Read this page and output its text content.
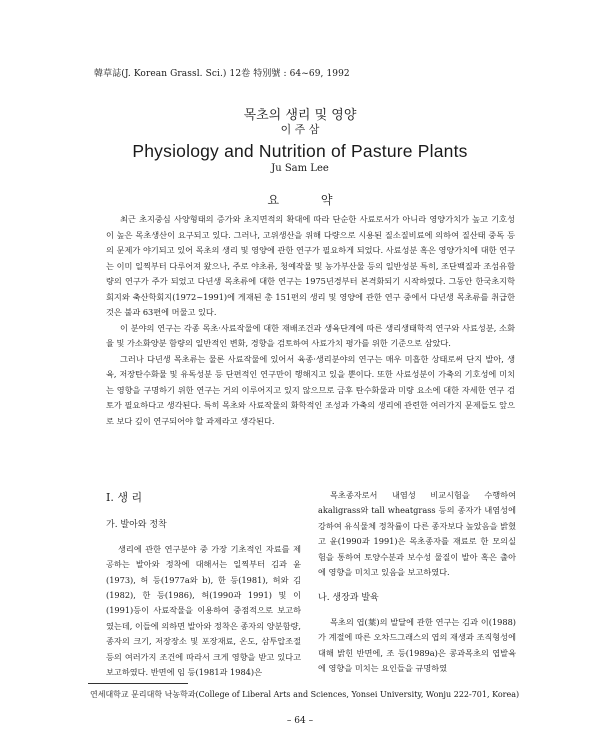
韓草誌(J. Korean Grassl. Sci.) 12卷 特別號 : 64~69, 1992
목초의 생리 및 영양
이 주 삼
Physiology and Nutrition of Pasture Plants
Ju Sam Lee
요 약

최근 초지중심 사양형태의 증가와 초지면적의 확대에 따라 단순한 사료로서가 아니라 영양가치가 높고 기호성이 높은 목초생산이 요구되고 있다. 그러나, 고위생산을 위해 다량으로 시용된 질소질비료에 의하여 질산태 중독 등의 문제가 야기되고 있어 목초의 생리 및 영양에 관한 연구가 필요하게 되었다. 사료성분 혹은 영양가치에 대한 연구는 이미 일찍부터 다루어져 왔으나, 주로 야초류, 청예작물 및 농가부산물 등의 일반성분 특히, 조단백질과 조섬유함량의 연구가 주가 되었고 다년생 목초류에 대한 연구는 1975년경부터 본격화되기 시작하였다. 그동안 한국초지학회지와 축산학회지(1972~1991)에 게재된 총 151편의 생리 및 영양에 관한 연구 중에서 다년생 목초류를 취급한 것은 불과 63편에 머물고 있다.

이 분야의 연구는 각종 목초·사료작물에 대한 재배조건과 생육단계에 따른 생리생태학적 연구와 사료성분, 소화율 및 가소화양분 함량의 일반적인 변화, 경향을 검토하여 사료가치 평가를 위한 기준으로 삼았다.

그러나 다년생 목초류는 물론 사료작물에 있어서 육종·생리분야의 연구는 매우 미흡한 상태로써 단지 발아, 생육, 저장탄수화물 및 유독성분 등 단편적인 연구만이 행해지고 있을 뿐이다. 또한 사료성분이 가축의 기호성에 미치는 영향을 구명하기 위한 연구는 거의 이루어지고 있지 않으므로 금후 탄수화물과 미량 요소에 대한 자세한 연구 검토가 필요하다고 생각된다. 특히 목초와 사료작물의 화학적인 조성과 가축의 생리에 관련한 여러가지 문제들도 앞으로 보다 깊이 연구되어야 할 과제라고 생각된다.

I. 생 리
가. 발아와 정착

생리에 관한 연구분야 중 가장 기초적인 자료를 제공하는 발아와 정착에 대해서는 일찍부터 김과 윤(1973), 허 등(1977a와 b), 한 등(1981), 허와 김(1982), 한 등(1986), 허(1990과 1991) 및 이(1991)등이 사료작물을 이용하여 중점적으로 보고하였는데, 이들에 의하면 발아와 정착은 종자의 양분함량, 종자의 크기, 저장장소 및 포장재료, 온도, 삼투압조절 등의 여러가지 조건에 따라서 크게 영향을 받고 있다고 보고하였다. 반면에 임 등(1981과 1984)은

목초종자로서 내염성 비교시험을 수행하여 akaligrass와 tall wheatgrass 등의 종자가 내염성에 강하여 유식물체 정착률이 다른 종자보다 높았음을 밝혔고 윤(1990과 1991)은 목초종자를 재료로 한 모의실험을 통하여 토양수분과 보수성 물질이 발아 혹은 출아에 영향을 미치고 있음을 보고하였다.

나. 생장과 발육

목초의 엽(葉)의 발달에 관한 연구는 김과 이(1988)가 계절에 따른 오차드그래스의 엽의 재생과 조직형성에 대해 밝힌 반면에, 조 등(1989a)은 콩과목초의 엽발육에 영향을 미치는 요인들을 규명하였

연세대학교 문리대학 낙농학과(College of Liberal Arts and Sciences, Yonsei University, Wonju 222-701, Korea)
– 64 –
